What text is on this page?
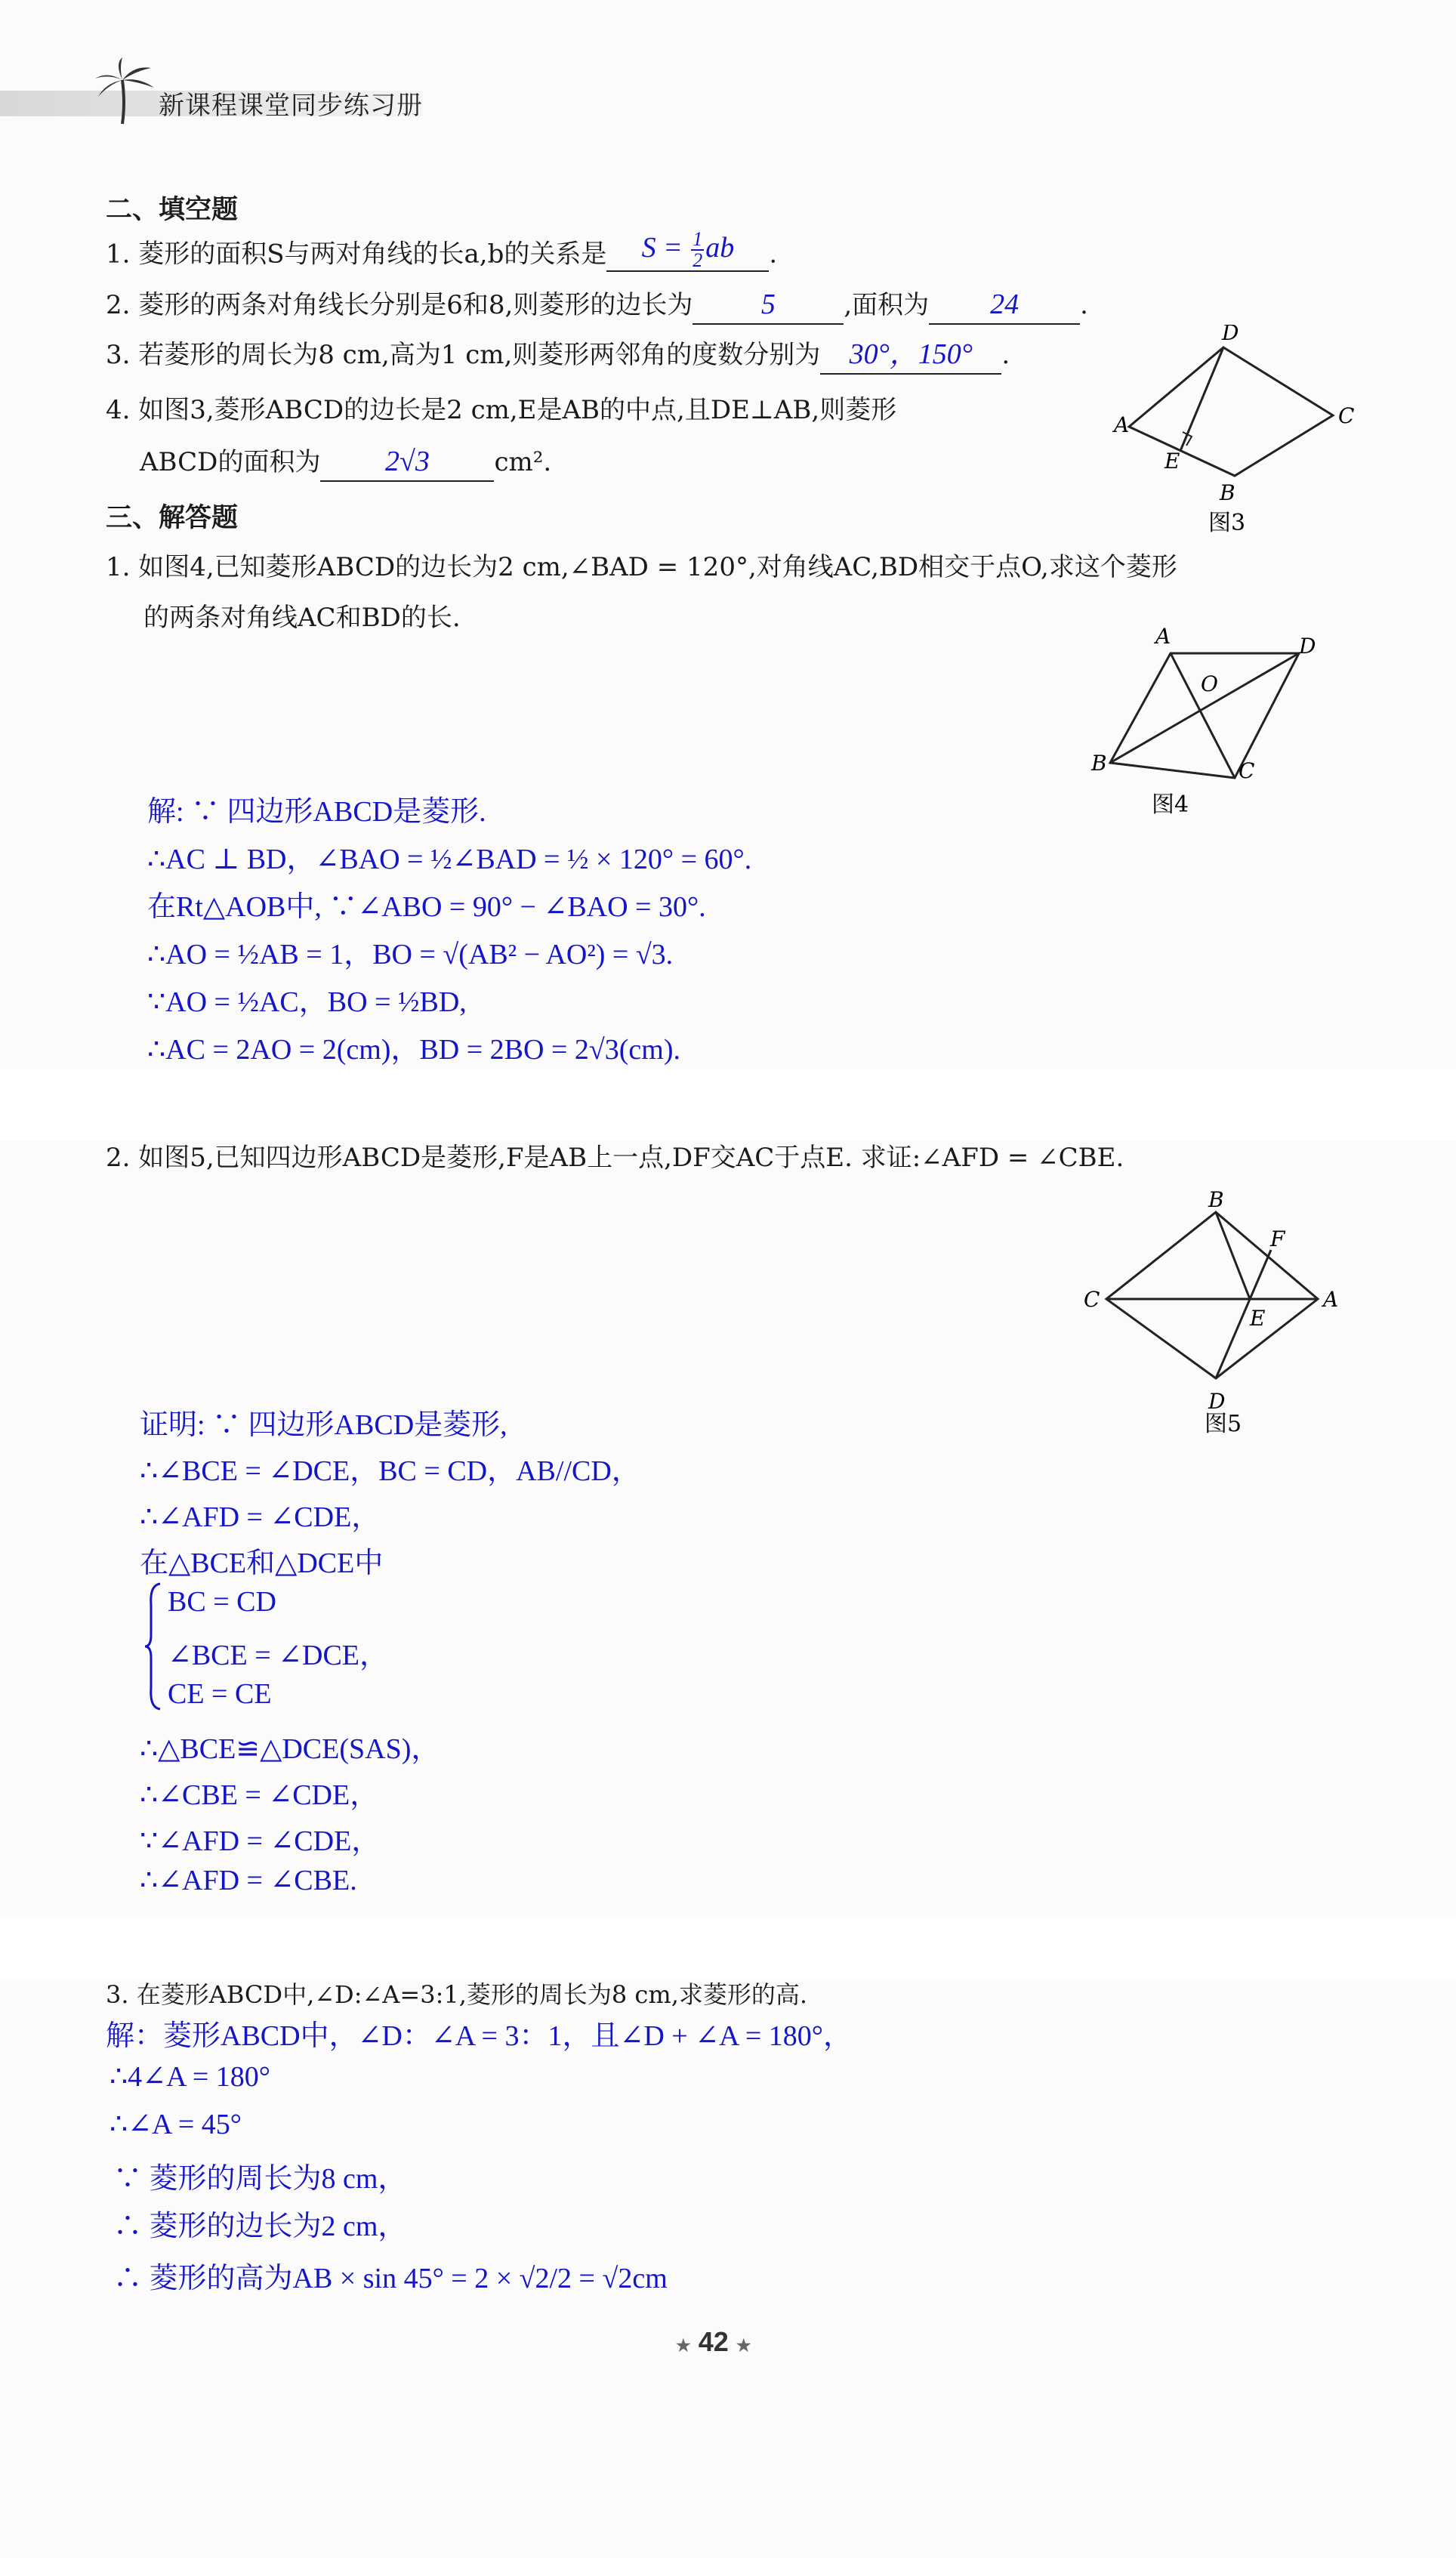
新课程课堂同步练习册
二、填空题
1. 菱形的面积S与两对角线的长a,b的关系是 $S = \frac{1}{2}$ ab .
2. 菱形的两条对角线长分别是6和8,则菱形的边长为 5	,面积为 24 .
3. 若菱形的周长为8 cm,高为1 cm,则菱形两邻角的度数分别为 30°，150° .
4. 如图3,菱形ABCD的边长是2 cm,E是AB的中点,且DE⊥AB,则菱形
ABCD的面积为 2√3	cm².
A
D
C
B
E
图3
三、解答题
1. 如图4,已知菱形ABCD的边长为2 cm,∠BAD = 120°,对角线AC,BD相交于点O,求这个菱形
的两条对角线AC和BD的长.
A	D
O
B	C
图4
解: ∵ 四边形ABCD是菱形.
∴AC ⊥ BD，∠BAO = ½∠BAD = ½ × 120° = 60°.
在Rt△AOB中, ∵∠ABO = 90° − ∠BAO = 30°.
∴AO = ½AB = 1，BO = √(AB² − AO²) = √3.
∵AO = ½AC，BO = ½BD,
∴AC = 2AO = 2(cm)，BD = 2BO = 2√3(cm).
2. 如图5,已知四边形ABCD是菱形,F是AB上一点,DF交AC于点E. 求证:∠AFD = ∠CBE.
B
F
C	A
E
D
图5
证明: ∵ 四边形ABCD是菱形,
∴∠BCE = ∠DCE，BC = CD，AB//CD，
∴∠AFD = ∠CDE，
在△BCE和△DCE中
BC = CD
∠BCE = ∠DCE，
CE = CE
∴△BCE≌△DCE(SAS)，
∴∠CBE = ∠CDE，
∵∠AFD = ∠CDE，
∴∠AFD = ∠CBE.
3. 在菱形ABCD中,∠D:∠A=3:1,菱形的周长为8 cm,求菱形的高.
解：菱形ABCD中，∠D：∠A = 3：1，且∠D + ∠A = 180°，
∴4∠A = 180°
∴∠A = 45°
∵ 菱形的周长为8 cm，
∴ 菱形的边长为2 cm，
∴ 菱形的高为AB × sin 45° = 2 × √2/2 = √2cm
★ 42 ★
